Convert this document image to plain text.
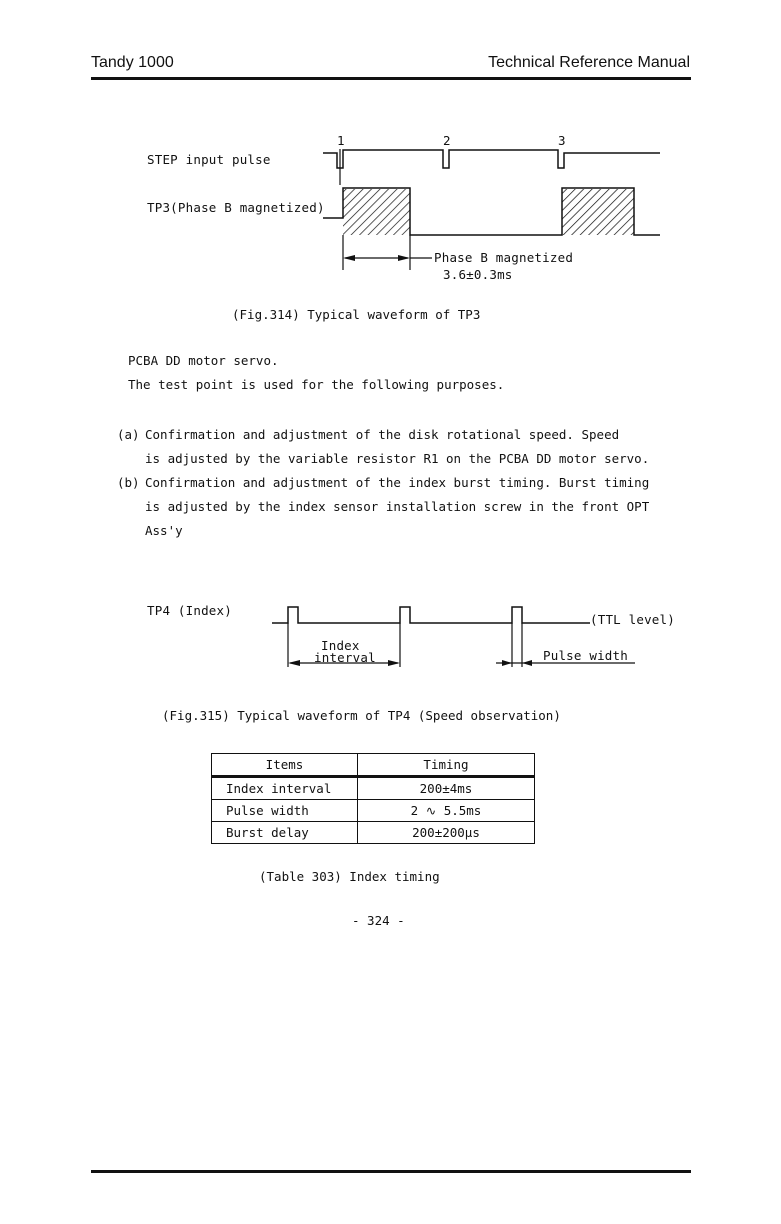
Tandy 1000	Technical Reference Manual
1	2	3
STEP input pulse
TP3(Phase B magnetized)
Phase B magnetized
3.6±0.3ms
(Fig.314) Typical waveform of TP3
PCBA DD motor servo.
The test point is used for the following purposes.
(a) Confirmation and adjustment of the disk rotational speed. Speed
is adjusted by the variable resistor R1 on the PCBA DD motor servo.
(b) Confirmation and adjustment of the index burst timing. Burst timing
is adjusted by the index sensor installation screw in the front OPT
Ass'y
TP4 (Index)
(TTL level)
Index
interval	Pulse width
(Fig.315) Typical waveform of TP4 (Speed observation)
Items	Timing
Index interval	200±4ms
Pulse width	2 ∿ 5.5ms
Burst delay	200±200µs
(Table 303) Index timing
- 324 -
